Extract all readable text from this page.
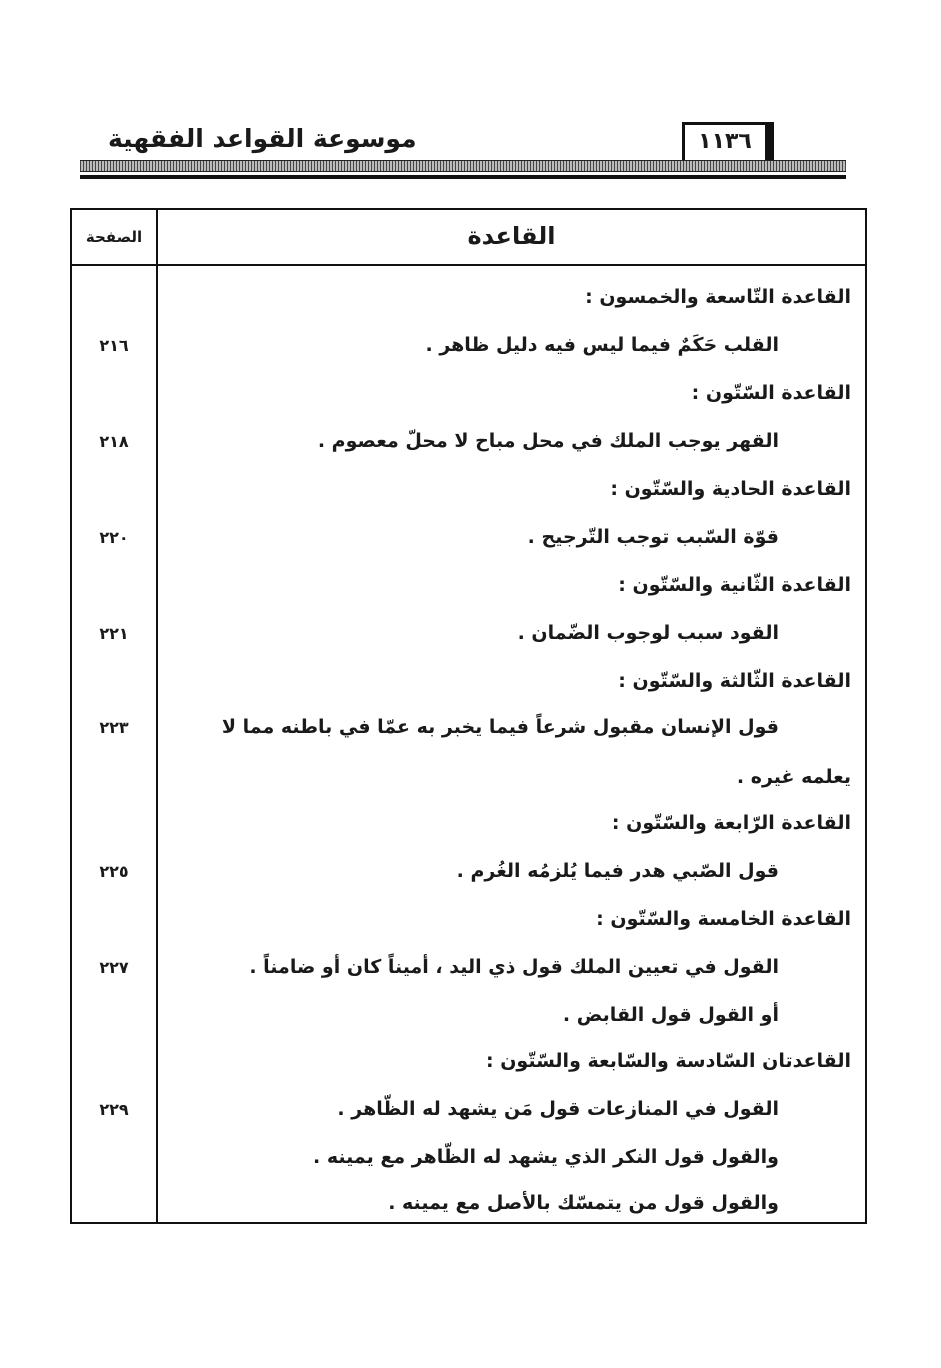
موسوعة القواعد الفقهية	١١٣٦
القاعدة
الصفحة
القاعدة التّاسعة والخمسون :
القلب حَكَمٌ فيما ليس فيه دليل ظاهر .
٢١٦
القاعدة السّتّون :
القهر يوجب الملك في محل مباح لا محلّ معصوم .
٢١٨
القاعدة الحادية والسّتّون :
قوّة السّبب توجب التّرجيح .
٢٢٠
القاعدة الثّانية والسّتّون :
القود سبب لوجوب الضّمان .
٢٢١
القاعدة الثّالثة والسّتّون :
قول الإنسان مقبول شرعاً فيما يخبر به عمّا في باطنه مما لا
٢٢٣
يعلمه غيره .
القاعدة الرّابعة والسّتّون :
قول الصّبي هدر فيما يُلزمُه الغُرم .
٢٢٥
القاعدة الخامسة والسّتّون :
القول في تعيين الملك قول ذي اليد ، أميناً كان أو ضامناً .
٢٢٧
أو القول قول القابض .
القاعدتان السّادسة والسّابعة والسّتّون :
القول في المنازعات قول مَن يشهد له الظّاهر .
٢٢٩
والقول قول النكر الذي يشهد له الظّاهر مع يمينه .
والقول قول من يتمسّك بالأصل مع يمينه .
